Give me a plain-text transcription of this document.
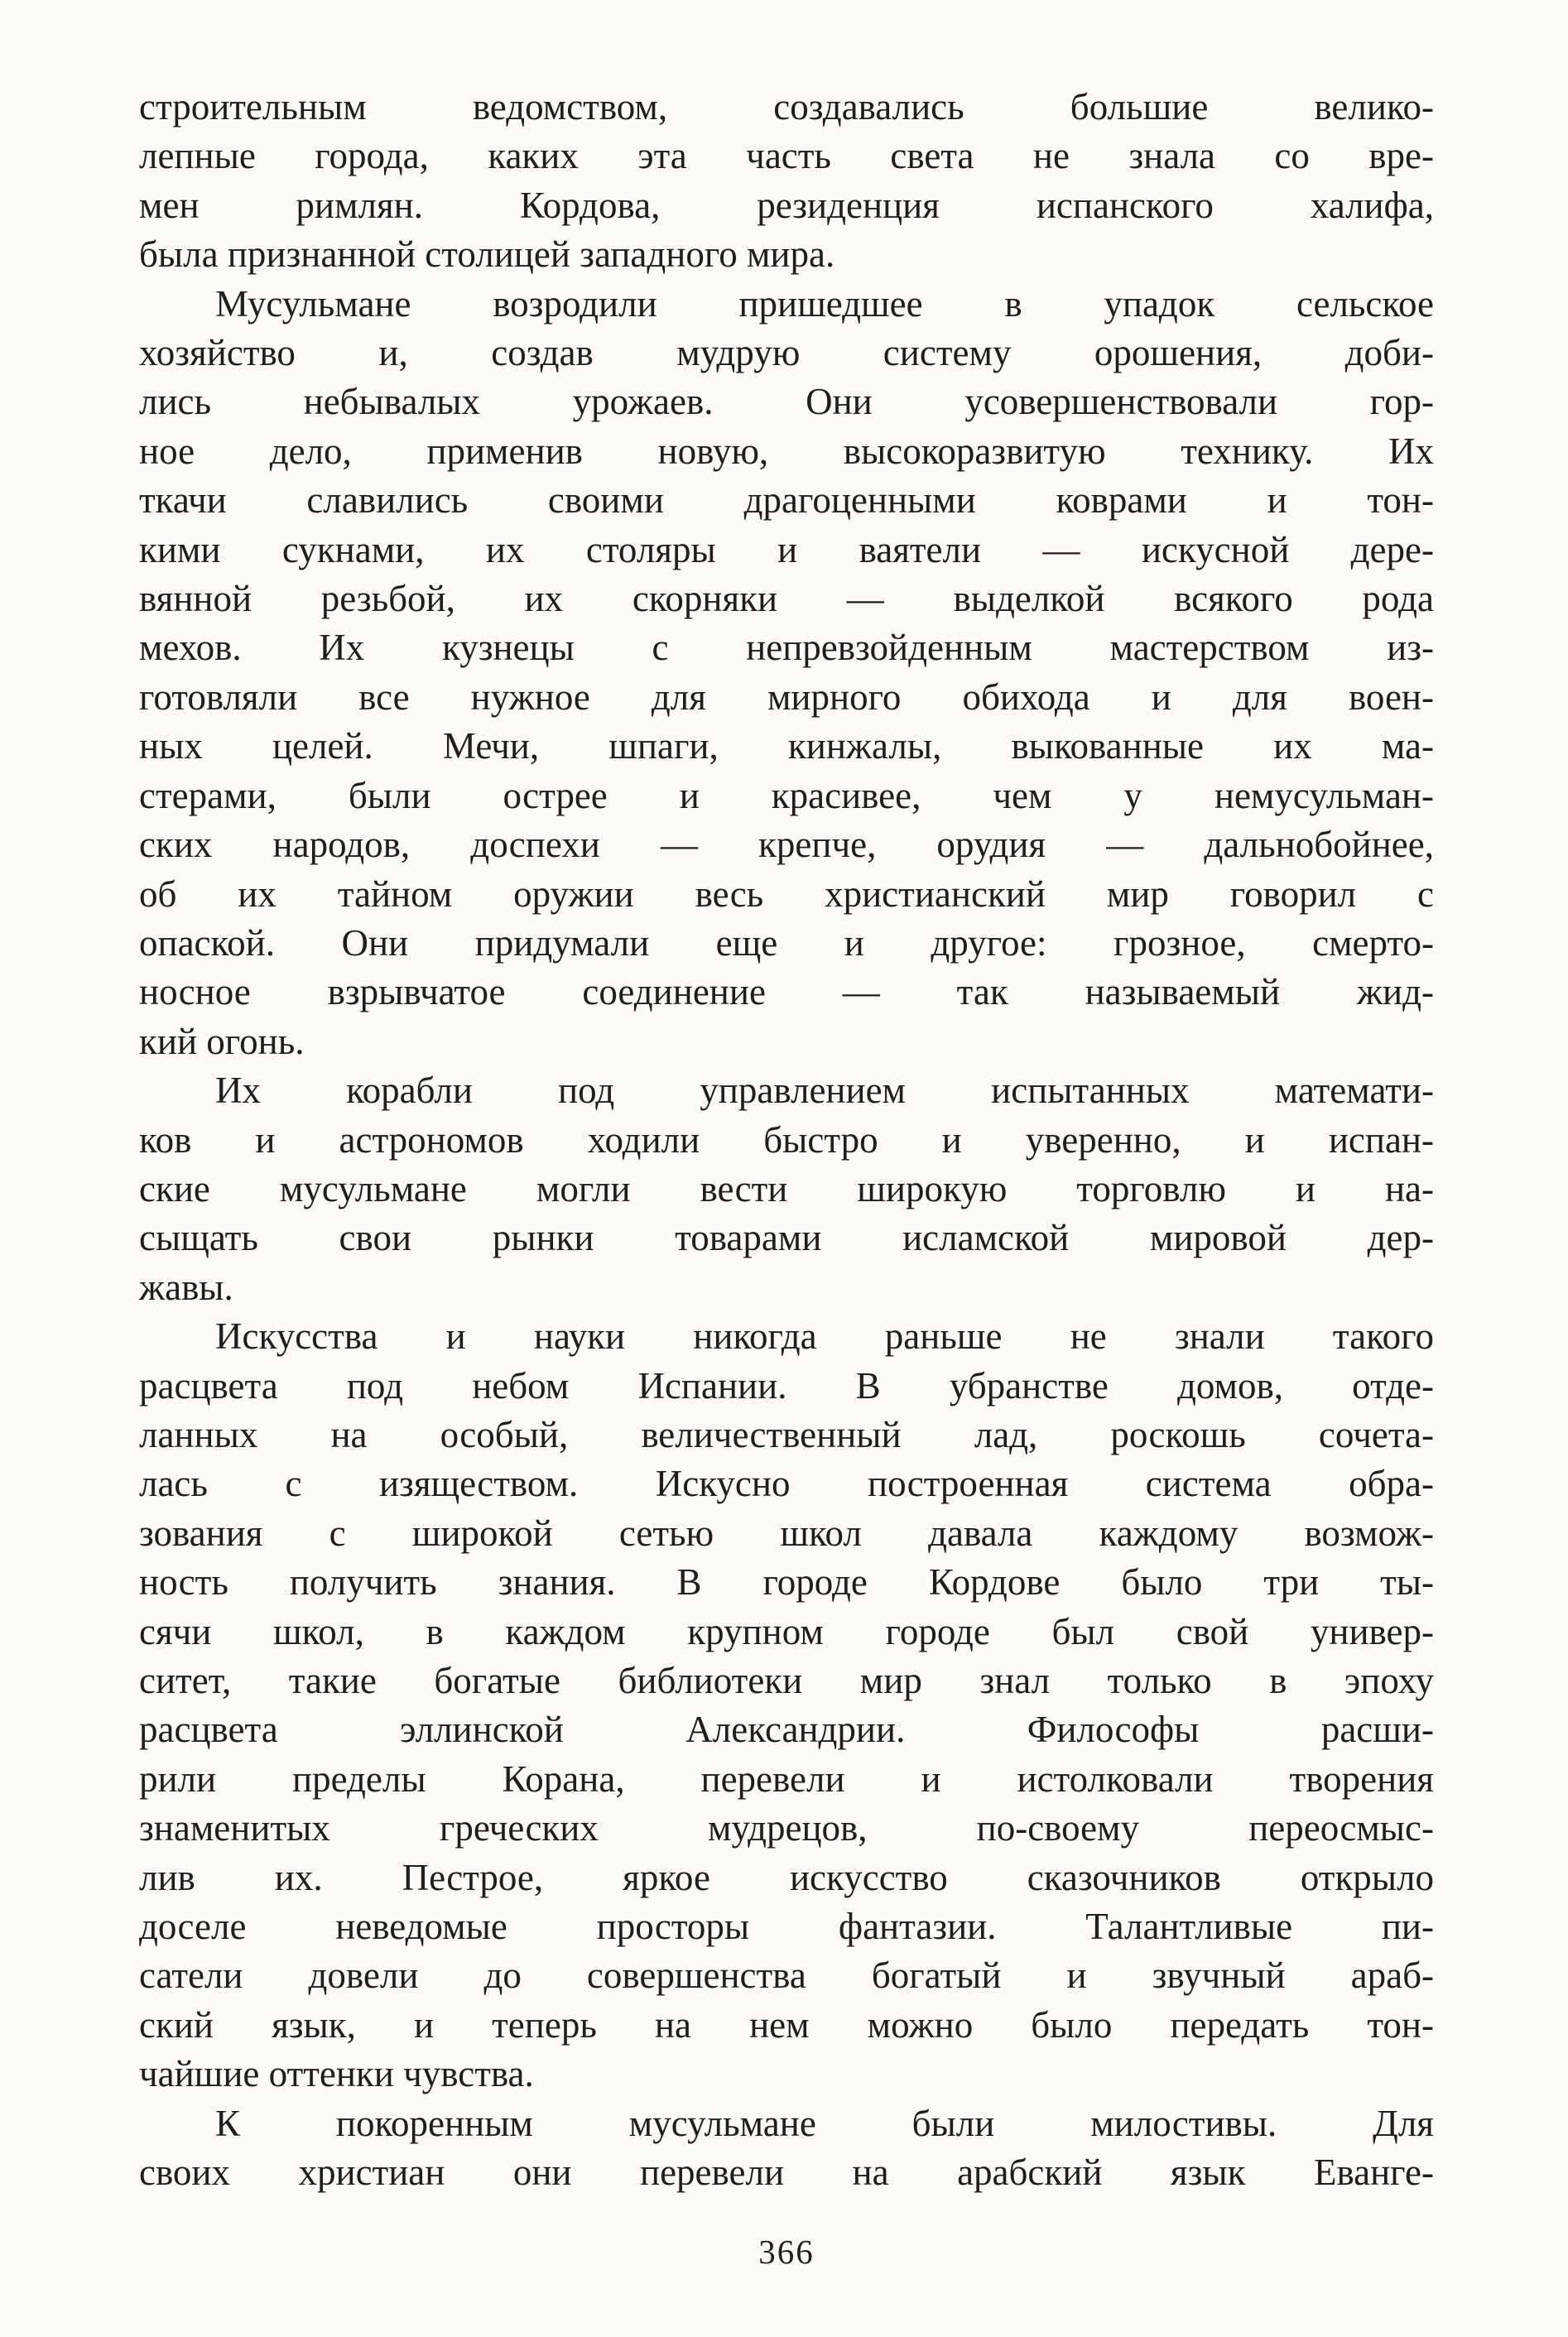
строительным ведомством, создавались большие велико-
лепные города, каких эта часть света не знала со вре-
мен римлян. Кордова, резиденция испанского халифа,
была признанной столицей западного мира.
Мусульмане возродили пришедшее в упадок сельское
хозяйство и, создав мудрую систему орошения, доби-
лись небывалых урожаев. Они усовершенствовали гор-
ное дело, применив новую, высокоразвитую технику. Их
ткачи славились своими драгоценными коврами и тон-
кими сукнами, их столяры и ваятели — искусной дере-
вянной резьбой, их скорняки — выделкой всякого рода
мехов. Их кузнецы с непревзойденным мастерством из-
готовляли все нужное для мирного обихода и для воен-
ных целей. Мечи, шпаги, кинжалы, выкованные их ма-
стерами, были острее и красивее, чем у немусульман-
ских народов, доспехи — крепче, орудия — дальнобойнее,
об их тайном оружии весь христианский мир говорил с
опаской. Они придумали еще и другое: грозное, смерто-
носное взрывчатое соединение — так называемый жид-
кий огонь.
Их корабли под управлением испытанных математи-
ков и астрономов ходили быстро и уверенно, и испан-
ские мусульмане могли вести широкую торговлю и на-
сыщать свои рынки товарами исламской мировой дер-
жавы.
Искусства и науки никогда раньше не знали такого
расцвета под небом Испании. В убранстве домов, отде-
ланных на особый, величественный лад, роскошь сочета-
лась с изяществом. Искусно построенная система обра-
зования с широкой сетью школ давала каждому возмож-
ность получить знания. В городе Кордове было три ты-
сячи школ, в каждом крупном городе был свой универ-
ситет, такие богатые библиотеки мир знал только в эпоху
расцвета эллинской Александрии. Философы расши-
рили пределы Корана, перевели и истолковали творения
знаменитых греческих мудрецов, по-своему переосмыс-
лив их. Пестрое, яркое искусство сказочников открыло
доселе неведомые просторы фантазии. Талантливые пи-
сатели довели до совершенства богатый и звучный араб-
ский язык, и теперь на нем можно было передать тон-
чайшие оттенки чувства.
К покоренным мусульмане были милостивы. Для
своих христиан они перевели на арабский язык Еванге-
366
